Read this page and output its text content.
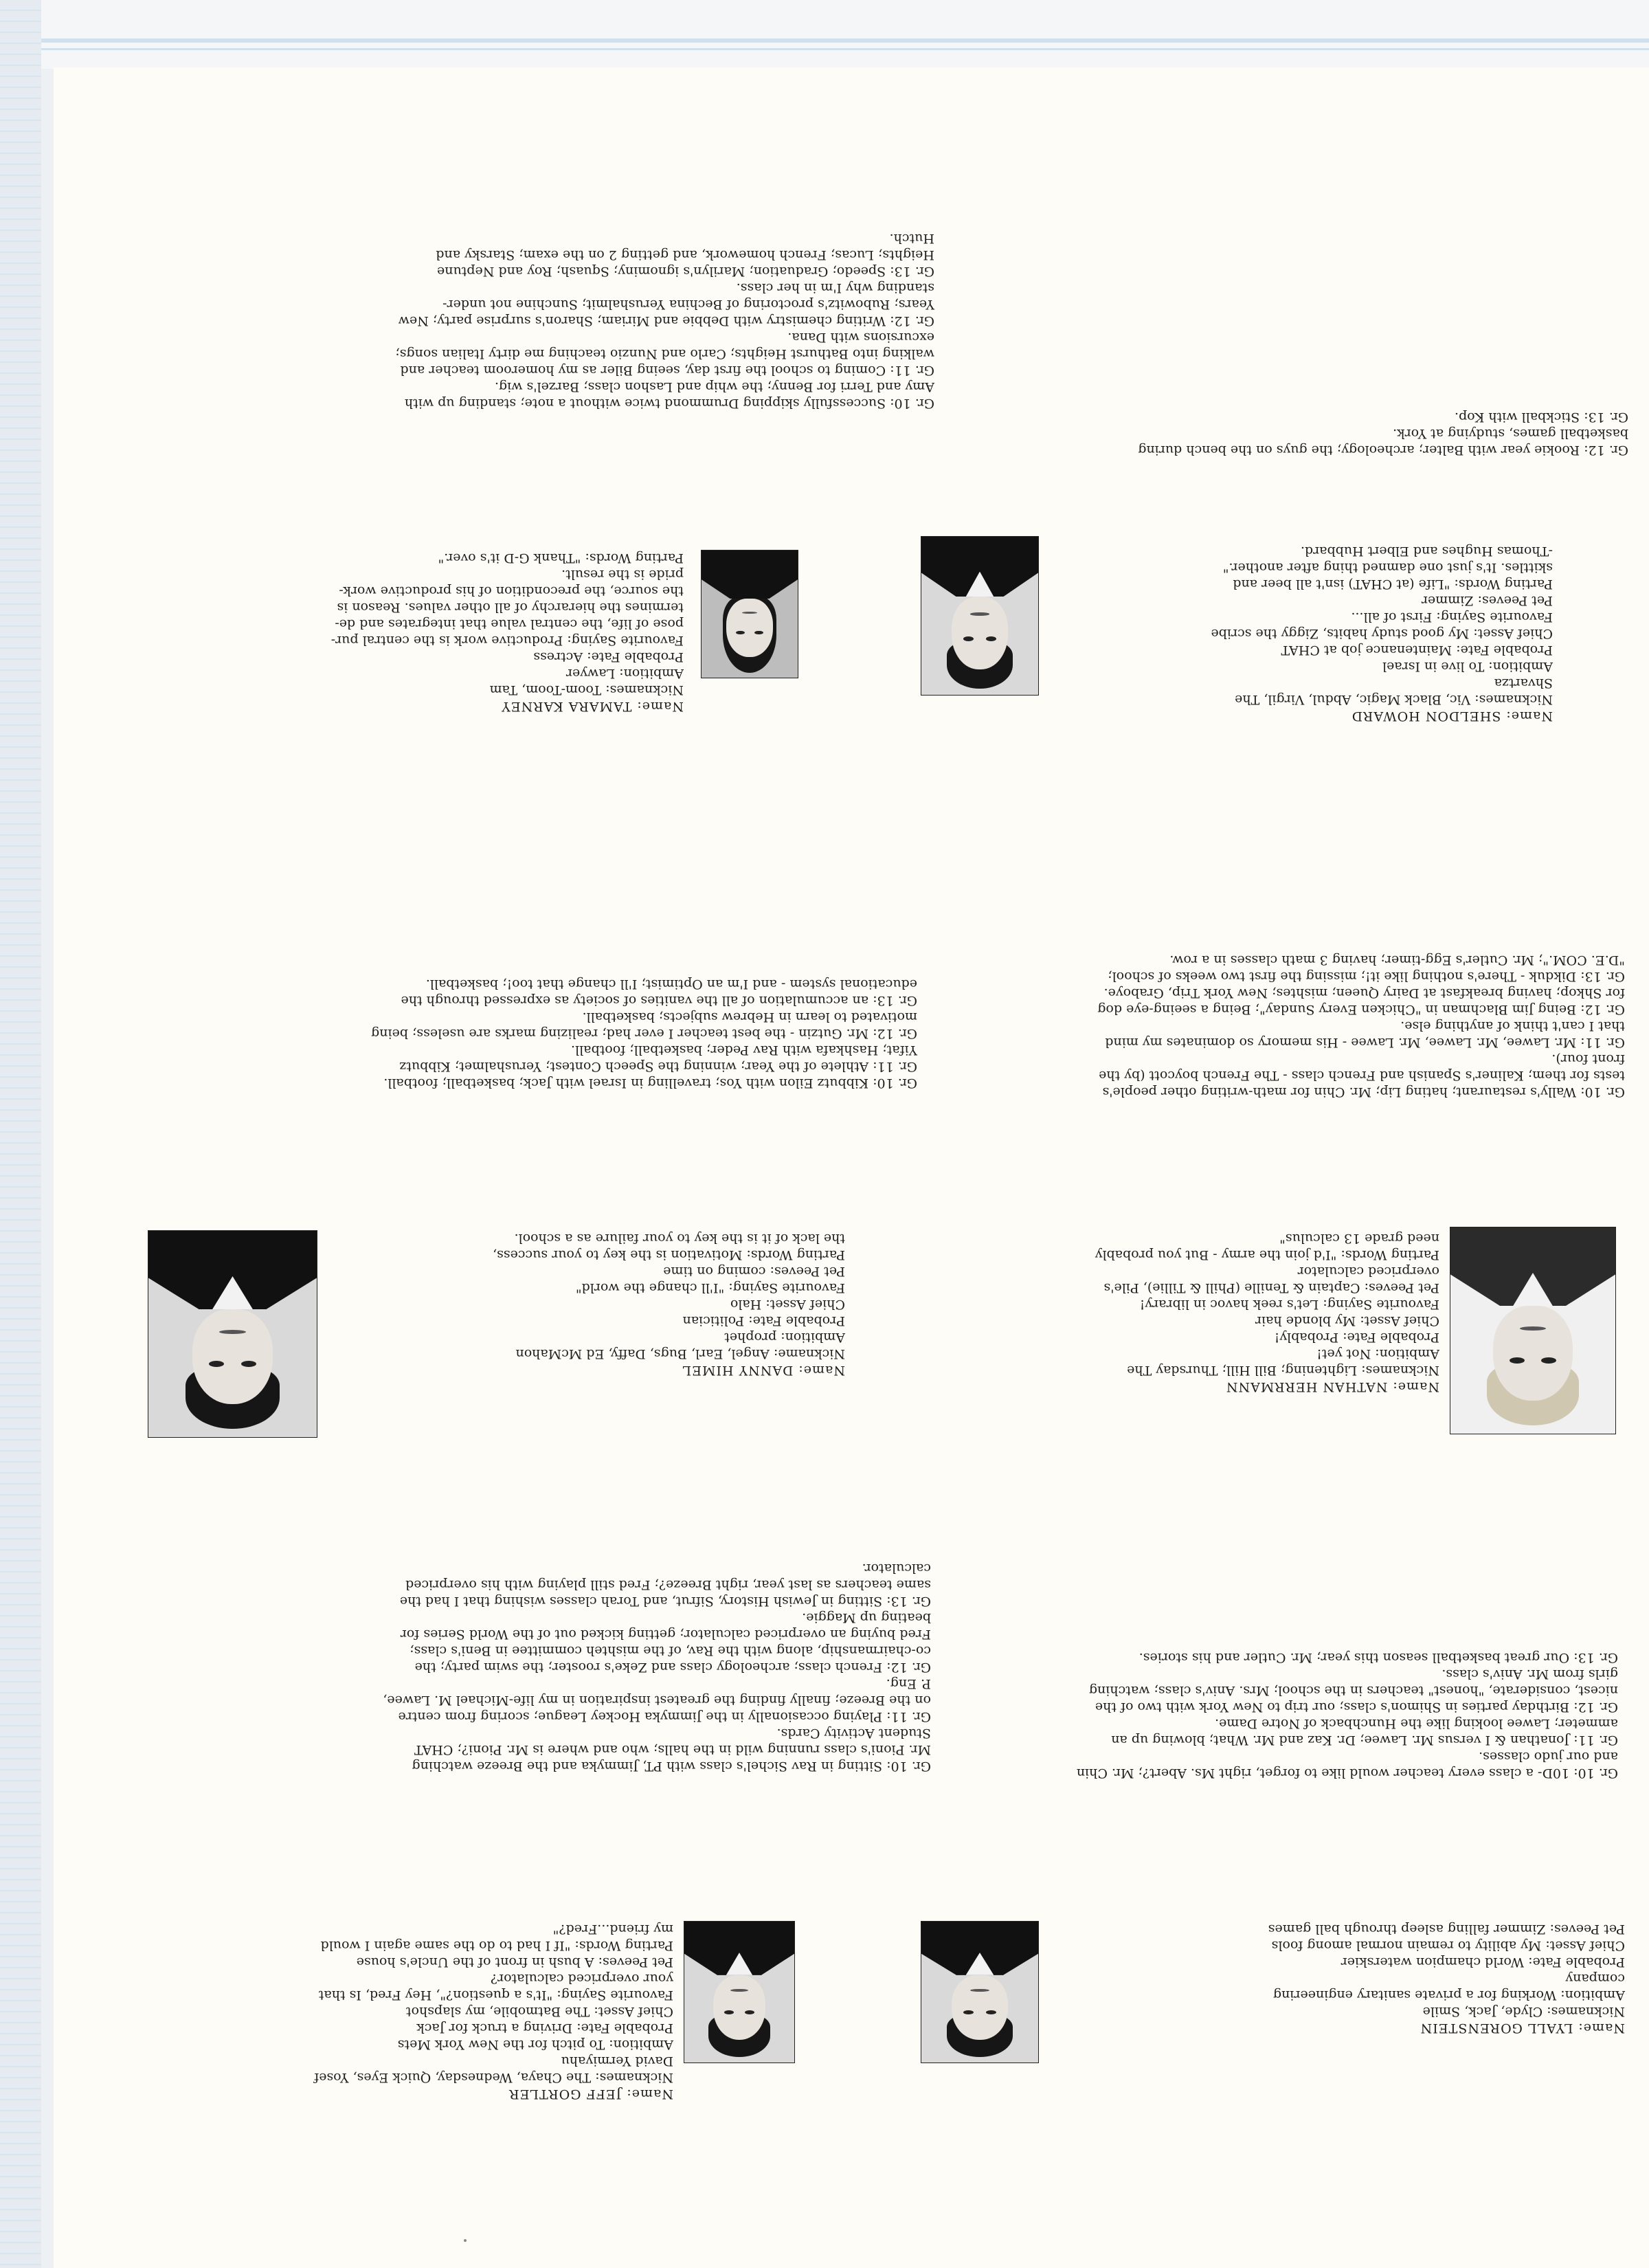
Name: LYALL GORENSTEIN
Nicknames: Clyde, Jack, Smile
Ambition: Working for a private sanitary engineering
company
Probable Fate: World champion waterskier
Chief Asset: My ability to remain normal among fools
Pet Peeves: Zimmer falling asleep through ball games
Gr. 10: 10D- a class every teacher would like to forget, right Ms. Abert?; Mr. Chin
and our judo classes.
Gr. 11: Jonathan & I versus Mr. Lawee; Dr. Kaz and Mr. What; blowing up an
ammeter; Lawee looking like the Hunchback of Notre Dame.
Gr. 12: Birthday parties in Shimon's class; our trip to New York with two of the
nicest, considerate, "honest" teachers in the school; Mrs. Aniv's class; watching
girls from Mr. Aniv's class.
Gr. 13: Our great basketball season this year; Mr. Cutler and his stories.
Name: JEFF GORTLER
Nicknames: The Chaya, Wednesday, Quick Eyes, Yosef
David Yermiyahu
Ambition: To pitch for the New York Mets
Probable Fate: Driving a truck for Jack
Chief Asset: The Batmobile, my slapshot
Favourite Saying: "It's a question?", Hey Fred, Is that
your overpriced calculator?
Pet Peeves: A bush in front of the Uncle's house
Parting Words: "If I had to do the same again I would
my friend...Fred?"
Gr. 10: Sitting in Rav Sichel's class with PT, Jimmyka and the Breeze watching
Mr. Pioni's class running wild in the halls; who and where is Mr. Pioni?; CHAT
Student Activity Cards.
Gr. 11: Playing occasionally in the Jimmyka Hockey League; scoring from centre
on the Breeze; finally finding the greatest inspiration in my life-Michael M. Lawee,
P. Eng.
Gr. 12: French class; archeology class and Zeke's rooster; the swim party; the
co-chairmanship, along with the Rav, of the mishteh committee in Beni's class;
Fred buying an overpriced calculator; getting kicked out of the World Series for
beating up Maggie.
Gr. 13: Sitting in Jewish History, Sifrut, and Torah classes wishing that I had the
same teachers as last year, right Breeze?; Fred still playing with his overpriced
calculator.
Name: NATHAN HERRMANN
Nicknames: Lightening; Bill Hill; Thursday The
Ambition: Not yet!
Probable Fate: Probably!
Chief Asset: My blonde hair
Favourite Saying: Let's reek havoc in library!
Pet Peeves: Captain & Tenille (Phill & Tillie), Pile's
overpriced calculator
Parting Words: "I'd join the army - But you probably
need grade 13 calculus"
Gr. 10: Wally's restaurant; hating Lip; Mr. Chin for math-writing other people's
tests for them; Kaliner's Spanish and French class - The French boycott (by the
front four).
Gr. 11: Mr. Lawee, Mr. Lawee, Mr. Lawee - His memory so dominates my mind
that I can't think of anything else.
Gr. 12: Being Jim Blachman in "Chicken Every Sunday"; Being a seeing-eye dog
for Shkop; having breakfast at Dairy Queen; mishtes; New York Trip, Graboye.
Gr. 13: Dikduk - There's nothing like it!; missing the first two weeks of school;
"D.E. COM."; Mr. Cutler's Egg-timer; having 3 math classes in a row.
Name: DANNY HIMEL
Nickname: Angel, Earl, Bugs, Daffy, Ed McMahon
Ambition: prophet
Probable Fate: Politician
Chief Asset: Halo
Favourite Saying: "I'll change the world"
Pet Peeves: coming on time
Parting Words: Motivation is the key to your success,
the lack of it is the key to your failure as a school.
Gr. 10: Kibbutz Eilon with Yos; travelling in Israel with Jack; basketball; football.
Gr. 11: Athlete of the Year; winning the Speech Contest; Yerushalmet; Kibbutz
Yifat; Hashkafa with Rav Peder; basketball; football.
Gr. 12: Mr. Gutzin - the best teacher I ever had; realizing marks are useless; being
motivated to learn in Hebrew subjects; basketball.
Gr. 13: an accumulation of all the vanities of society as expressed through the
educational system - and I'm an Optimist; I'll change that too!; basketball.
Name: SHELDON HOWARD
Nicknames: Vic, Black Magic, Abdul, Virgil, The
Shvartza
Ambition: To live in Israel
Probable Fate: Maintenance job at CHAT
Chief Asset: My good study habits, Ziggy the scribe
Favourite Saying: First of all...
Pet Peeves: Zimmer
Parting Words: "Life (at CHAT) isn't all beer and
skittles. It's just one damned thing after another."
-Thomas Hughes and Elbert Hubbard.
Gr. 12: Rookie year with Balter; archeology; the guys on the bench during
basketball games, studying at York.
Gr. 13: Stickball with Kop.
Name: TAMARA KARNEY
Nicknames: Toom-Toom, Tam
Ambition: Lawyer
Probable Fate: Actress
Favourite Saying: Productive work is the central pur-
pose of life, the central value that integrates and de-
termines the hierarchy of all other values. Reason is
the source, the precondition of his productive work-
pride is the result.
Parting Words: "Thank G-D it's over."
Gr. 10: Successfully skipping Drummond twice without a note; standing up with
Amy and Terri for Benny; the whip and Lashon class; Barzel's wig.
Gr. 11: Coming to school the first day, seeing Biler as my homeroom teacher and
walking into Bathurst Heights; Carlo and Nunzio teaching me dirty Italian songs;
excursions with Dana.
Gr. 12: Writing chemistry with Debbie and Miriam; Sharon's surprise party; New
Years; Rubowitz's proctoring of Bechina Yerushalmit; Sunchine not under-
standing why I'm in her class.
Gr. 13: Speedo; Graduation; Marilyn's ignominy; Squash; Roy and Neptune
Heights; Lucas; French homework, and getting 2 on the exam; Starsky and
Hutch.
